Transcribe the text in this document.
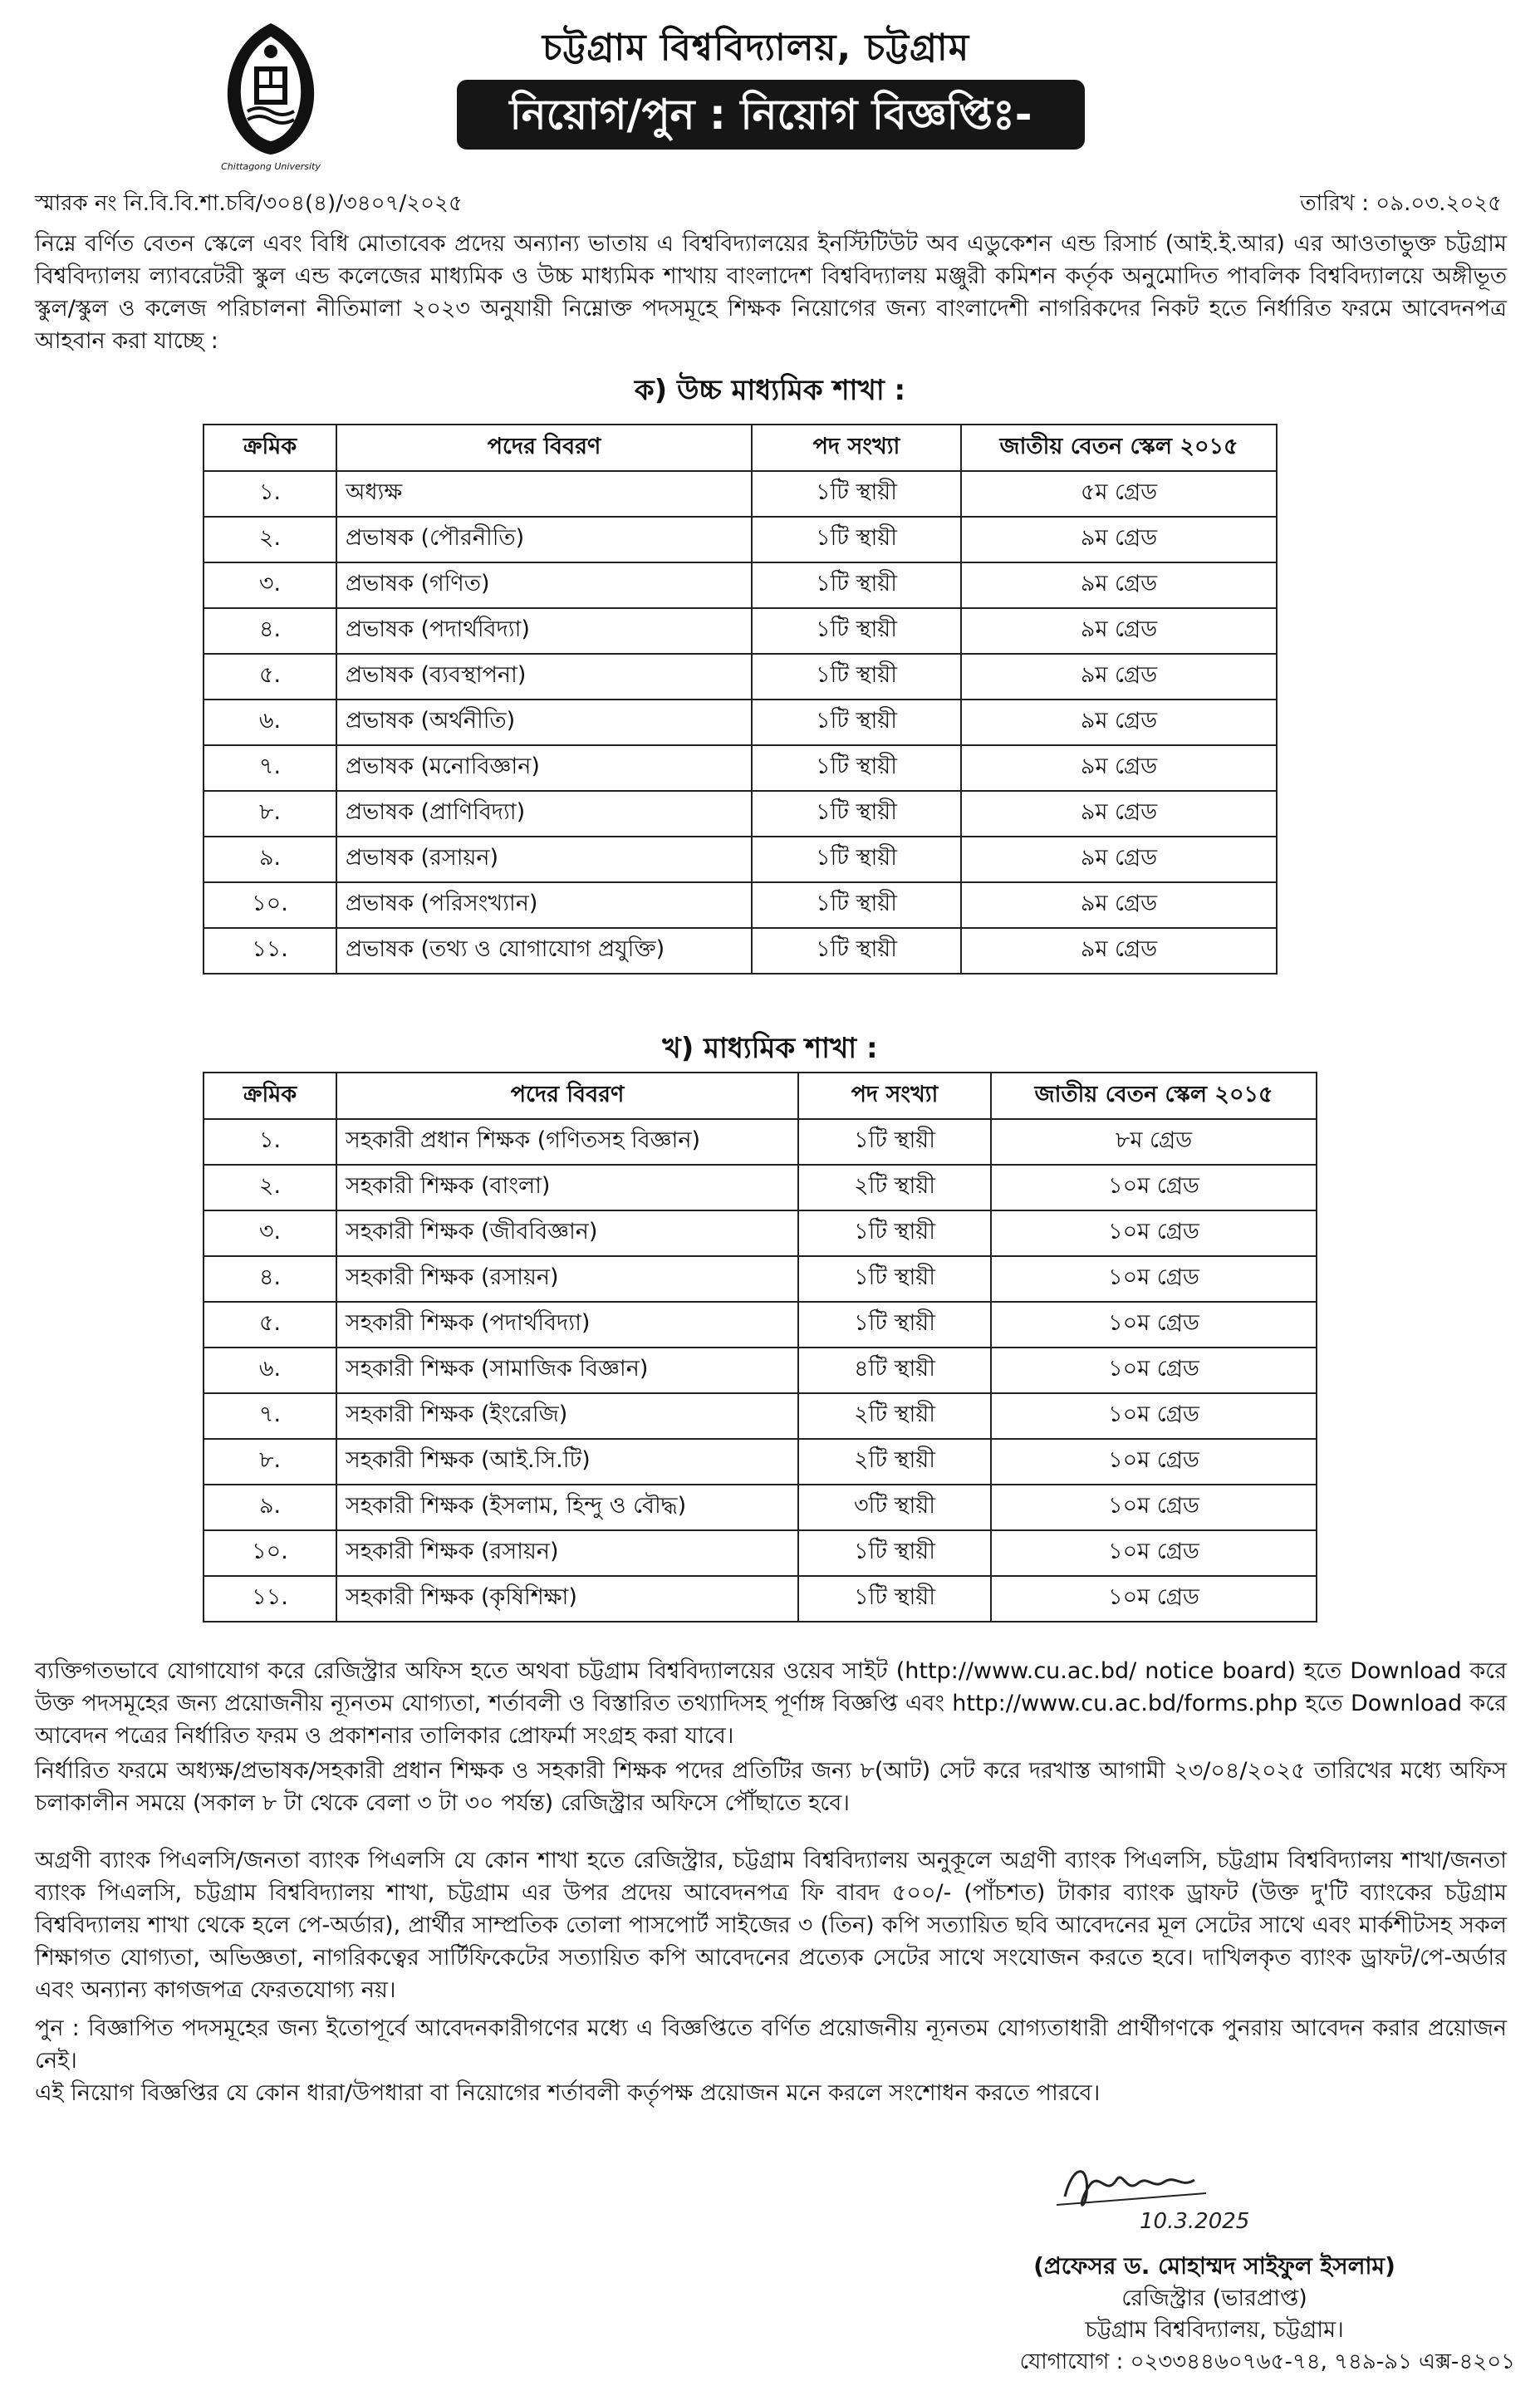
Chittagong University
চট্টগ্রাম বিশ্ববিদ্যালয়, চট্টগ্রাম
নিয়োগ/পুন : নিয়োগ বিজ্ঞপ্তিঃ-
স্মারক নং নি.বি.বি.শা.চবি/৩০৪(৪)/৩৪০৭/২০২৫	তারিখ : ০৯.০৩.২০২৫
নিম্নে বর্ণিত বেতন স্কেলে এবং বিধি মোতাবেক প্রদেয় অন্যান্য ভাতায় এ বিশ্ববিদ্যালয়ের ইনস্টিটিউট অব এডুকেশন এন্ড রিসার্চ (আই.ই.আর) এর আওতাভুক্ত চট্টগ্রাম বিশ্ববিদ্যালয় ল্যাবরেটরী স্কুল এন্ড কলেজের মাধ্যমিক ও উচ্চ মাধ্যমিক শাখায় বাংলাদেশ বিশ্ববিদ্যালয় মঞ্জুরী কমিশন কর্তৃক অনুমোদিত পাবলিক বিশ্ববিদ্যালয়ে অঙ্গীভূত স্কুল/স্কুল ও কলেজ পরিচালনা নীতিমালা ২০২৩ অনুযায়ী নিম্নোক্ত পদসমূহে শিক্ষক নিয়োগের জন্য বাংলাদেশী নাগরিকদের নিকট হতে নির্ধারিত ফরমে আবেদনপত্র আহবান করা যাচ্ছে :
ক) উচ্চ মাধ্যমিক শাখা :
ক্রমিক	পদের বিবরণ	পদ সংখ্যা	জাতীয় বেতন স্কেল ২০১৫
১.	অধ্যক্ষ	১টি স্থায়ী	৫ম গ্রেড
২.	প্রভাষক (পৌরনীতি)	১টি স্থায়ী	৯ম গ্রেড
৩.	প্রভাষক (গণিত)	১টি স্থায়ী	৯ম গ্রেড
৪.	প্রভাষক (পদার্থবিদ্যা)	১টি স্থায়ী	৯ম গ্রেড
৫.	প্রভাষক (ব্যবস্থাপনা)	১টি স্থায়ী	৯ম গ্রেড
৬.	প্রভাষক (অর্থনীতি)	১টি স্থায়ী	৯ম গ্রেড
৭.	প্রভাষক (মনোবিজ্ঞান)	১টি স্থায়ী	৯ম গ্রেড
৮.	প্রভাষক (প্রাণিবিদ্যা)	১টি স্থায়ী	৯ম গ্রেড
৯.	প্রভাষক (রসায়ন)	১টি স্থায়ী	৯ম গ্রেড
১০.	প্রভাষক (পরিসংখ্যান)	১টি স্থায়ী	৯ম গ্রেড
১১.	প্রভাষক (তথ্য ও যোগাযোগ প্রযুক্তি)	১টি স্থায়ী	৯ম গ্রেড
খ) মাধ্যমিক শাখা :
ক্রমিক	পদের বিবরণ	পদ সংখ্যা	জাতীয় বেতন স্কেল ২০১৫
১.	সহকারী প্রধান শিক্ষক (গণিতসহ বিজ্ঞান)	১টি স্থায়ী	৮ম গ্রেড
২.	সহকারী শিক্ষক (বাংলা)	২টি স্থায়ী	১০ম গ্রেড
৩.	সহকারী শিক্ষক (জীববিজ্ঞান)	১টি স্থায়ী	১০ম গ্রেড
৪.	সহকারী শিক্ষক (রসায়ন)	১টি স্থায়ী	১০ম গ্রেড
৫.	সহকারী শিক্ষক (পদার্থবিদ্যা)	১টি স্থায়ী	১০ম গ্রেড
৬.	সহকারী শিক্ষক (সামাজিক বিজ্ঞান)	৪টি স্থায়ী	১০ম গ্রেড
৭.	সহকারী শিক্ষক (ইংরেজি)	২টি স্থায়ী	১০ম গ্রেড
৮.	সহকারী শিক্ষক (আই.সি.টি)	২টি স্থায়ী	১০ম গ্রেড
৯.	সহকারী শিক্ষক (ইসলাম, হিন্দু ও বৌদ্ধ)	৩টি স্থায়ী	১০ম গ্রেড
১০.	সহকারী শিক্ষক (রসায়ন)	১টি স্থায়ী	১০ম গ্রেড
১১.	সহকারী শিক্ষক (কৃষিশিক্ষা)	১টি স্থায়ী	১০ম গ্রেড
ব্যক্তিগতভাবে যোগাযোগ করে রেজিস্ট্রার অফিস হতে অথবা চট্টগ্রাম বিশ্ববিদ্যালয়ের ওয়েব সাইট (http://www.cu.ac.bd/ notice board) হতে Download করে উক্ত পদসমূহের জন্য প্রয়োজনীয় ন্যূনতম যোগ্যতা, শর্তাবলী ও বিস্তারিত তথ্যাদিসহ পূর্ণাঙ্গ বিজ্ঞপ্তি এবং http://www.cu.ac.bd/forms.php হতে Download করে আবেদন পত্রের নির্ধারিত ফরম ও প্রকাশনার তালিকার প্রোফর্মা সংগ্রহ করা যাবে।
নির্ধারিত ফরমে অধ্যক্ষ/প্রভাষক/সহকারী প্রধান শিক্ষক ও সহকারী শিক্ষক পদের প্রতিটির জন্য ৮(আট) সেট করে দরখাস্ত আগামী ২৩/০৪/২০২৫ তারিখের মধ্যে অফিস চলাকালীন সময়ে (সকাল ৮ টা থেকে বেলা ৩ টা ৩০ পর্যন্ত) রেজিস্ট্রার অফিসে পৌঁছাতে হবে।
অগ্রণী ব্যাংক পিএলসি/জনতা ব্যাংক পিএলসি যে কোন শাখা হতে রেজিস্ট্রার, চট্টগ্রাম বিশ্ববিদ্যালয় অনুকূলে অগ্রণী ব্যাংক পিএলসি, চট্টগ্রাম বিশ্ববিদ্যালয় শাখা/জনতা ব্যাংক পিএলসি, চট্টগ্রাম বিশ্ববিদ্যালয় শাখা, চট্টগ্রাম এর উপর প্রদেয় আবেদনপত্র ফি বাবদ ৫০০/- (পাঁচশত) টাকার ব্যাংক ড্রাফট (উক্ত দু'টি ব্যাংকের চট্টগ্রাম বিশ্ববিদ্যালয় শাখা থেকে হলে পে-অর্ডার), প্রার্থীর সাম্প্রতিক তোলা পাসপোর্ট সাইজের ৩ (তিন) কপি সত্যায়িত ছবি আবেদনের মূল সেটের সাথে এবং মার্কশীটসহ সকল শিক্ষাগত যোগ্যতা, অভিজ্ঞতা, নাগরিকত্বের সার্টিফিকেটের সত্যায়িত কপি আবেদনের প্রত্যেক সেটের সাথে সংযোজন করতে হবে। দাখিলকৃত ব্যাংক ড্রাফট/পে-অর্ডার এবং অন্যান্য কাগজপত্র ফেরতযোগ্য নয়।
পুন : বিজ্ঞাপিত পদসমূহের জন্য ইতোপূর্বে আবেদনকারীগণের মধ্যে এ বিজ্ঞপ্তিতে বর্ণিত প্রয়োজনীয় ন্যূনতম যোগ্যতাধারী প্রার্থীগণকে পুনরায় আবেদন করার প্রয়োজন নেই।
এই নিয়োগ বিজ্ঞপ্তির যে কোন ধারা/উপধারা বা নিয়োগের শর্তাবলী কর্তৃপক্ষ প্রয়োজন মনে করলে সংশোধন করতে পারবে।
10.3.2025
(প্রফেসর ড. মোহাম্মদ সাইফুল ইসলাম)
রেজিস্ট্রার (ভারপ্রাপ্ত)
চট্টগ্রাম বিশ্ববিদ্যালয়, চট্টগ্রাম।
যোগাযোগ : ০২৩৩৪৪৬০৭৬৫-৭৪, ৭৪৯-৯১ এক্স-৪২০১
